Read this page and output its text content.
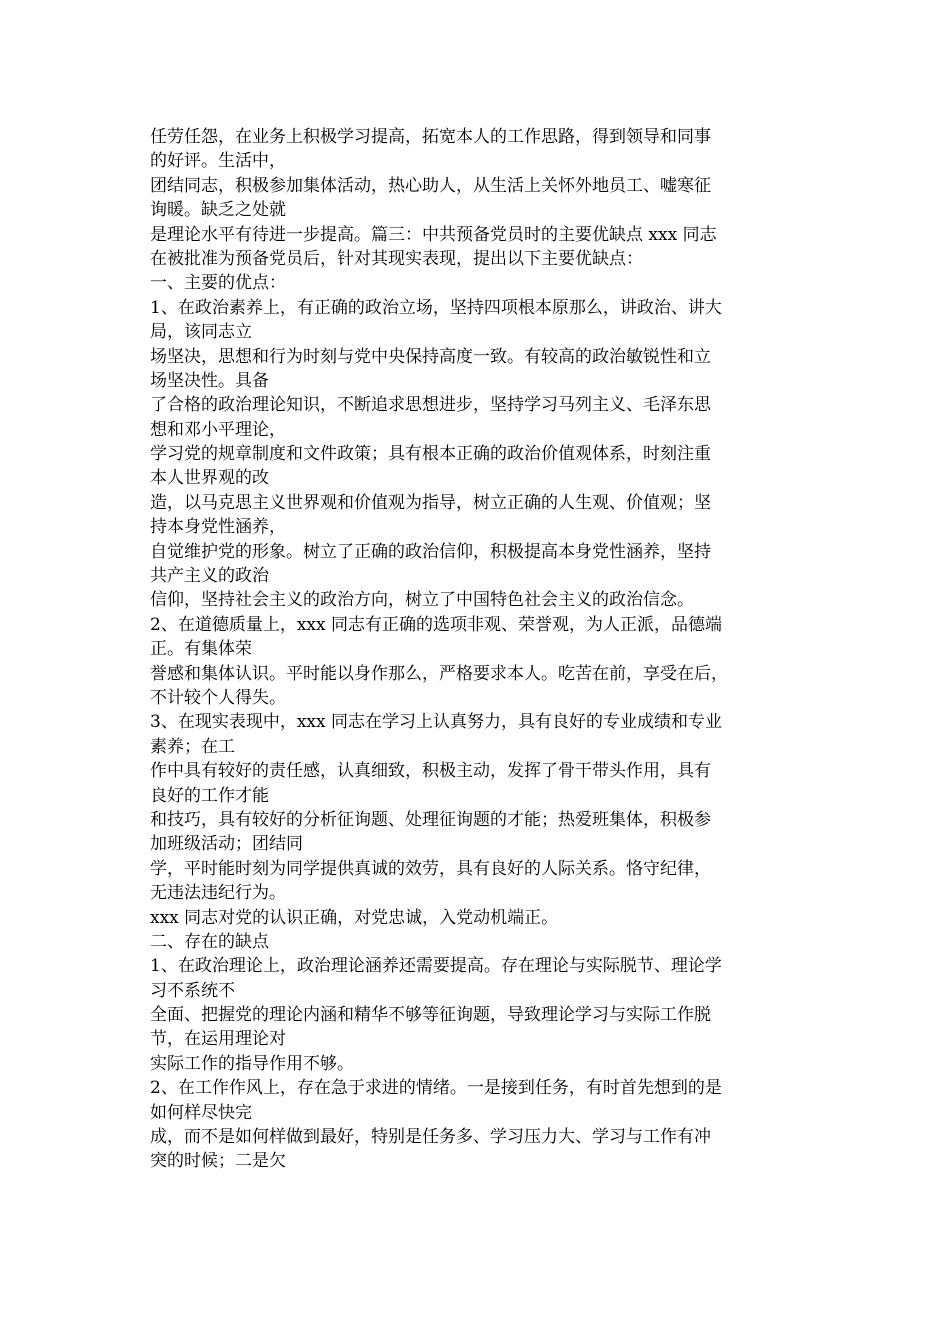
任劳任怨，在业务上积极学习提高，拓宽本人的工作思路，得到领导和同事
的好评。生活中，
团结同志，积极参加集体活动，热心助人，从生活上关怀外地员工、嘘寒征
询暖。缺乏之处就
是理论水平有待进一步提高。篇三：中共预备党员时的主要优缺点 xxx 同志
在被批准为预备党员后，针对其现实表现，提出以下主要优缺点：
一、主要的优点：
1、在政治素养上，有正确的政治立场，坚持四项根本原那么，讲政治、讲大
局，该同志立
场坚决，思想和行为时刻与党中央保持高度一致。有较高的政治敏锐性和立
场坚决性。具备
了合格的政治理论知识，不断追求思想进步，坚持学习马列主义、毛泽东思
想和邓小平理论，
学习党的规章制度和文件政策；具有根本正确的政治价值观体系，时刻注重
本人世界观的改
造，以马克思主义世界观和价值观为指导，树立正确的人生观、价值观；坚
持本身党性涵养，
自觉维护党的形象。树立了正确的政治信仰，积极提高本身党性涵养，坚持
共产主义的政治
信仰，坚持社会主义的政治方向，树立了中国特色社会主义的政治信念。
2、在道德质量上，xxx 同志有正确的选项非观、荣誉观，为人正派，品德端
正。有集体荣
誉感和集体认识。平时能以身作那么，严格要求本人。吃苦在前，享受在后，
不计较个人得失。
3、在现实表现中，xxx 同志在学习上认真努力，具有良好的专业成绩和专业
素养；在工
作中具有较好的责任感，认真细致，积极主动，发挥了骨干带头作用，具有
良好的工作才能
和技巧，具有较好的分析征询题、处理征询题的才能；热爱班集体，积极参
加班级活动；团结同
学，平时能时刻为同学提供真诚的效劳，具有良好的人际关系。恪守纪律，
无违法违纪行为。
xxx 同志对党的认识正确，对党忠诚，入党动机端正。
二、存在的缺点
1、在政治理论上，政治理论涵养还需要提高。存在理论与实际脱节、理论学
习不系统不
全面、把握党的理论内涵和精华不够等征询题，导致理论学习与实际工作脱
节，在运用理论对
实际工作的指导作用不够。
2、在工作作风上，存在急于求进的情绪。一是接到任务，有时首先想到的是
如何样尽快完
成，而不是如何样做到最好，特别是任务多、学习压力大、学习与工作有冲
突的时候；二是欠
